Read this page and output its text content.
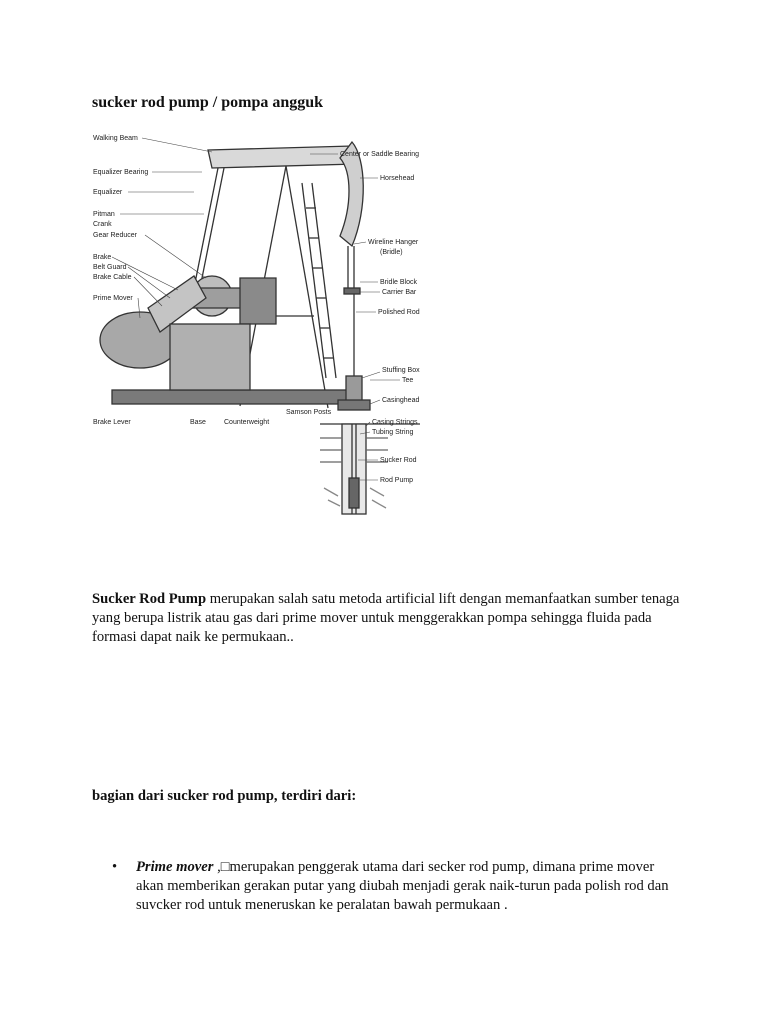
sucker rod pump / pompa angguk
Walking Beam
Equalizer Bearing
Equalizer
Pitman
Crank
Gear Reducer
Brake
Belt Guard
Brake Cable
Prime Mover
Center or Saddle Bearing
Horsehead
Wireline Hanger
(Bridle)
Bridle Block
Carrier Bar
Polished Rod
Stuffing Box
Tee
Casinghead
Casing Strings
Tubing String
Sucker Rod
Rod Pump
Brake Lever	Base	Counterweight
Samson Posts

Sucker Rod Pump merupakan salah satu metoda artificial lift dengan memanfaatkan sumber tenaga yang berupa listrik atau gas dari prime mover untuk menggerakkan pompa sehingga fluida pada formasi dapat naik ke permukaan..

bagian dari sucker rod pump, terdiri dari:

• Prime mover ,□merupakan penggerak utama dari secker rod pump, dimana prime mover akan memberikan gerakan putar yang diubah menjadi gerak naik-turun pada polish rod dan suvcker rod untuk meneruskan ke peralatan bawah permukaan .
